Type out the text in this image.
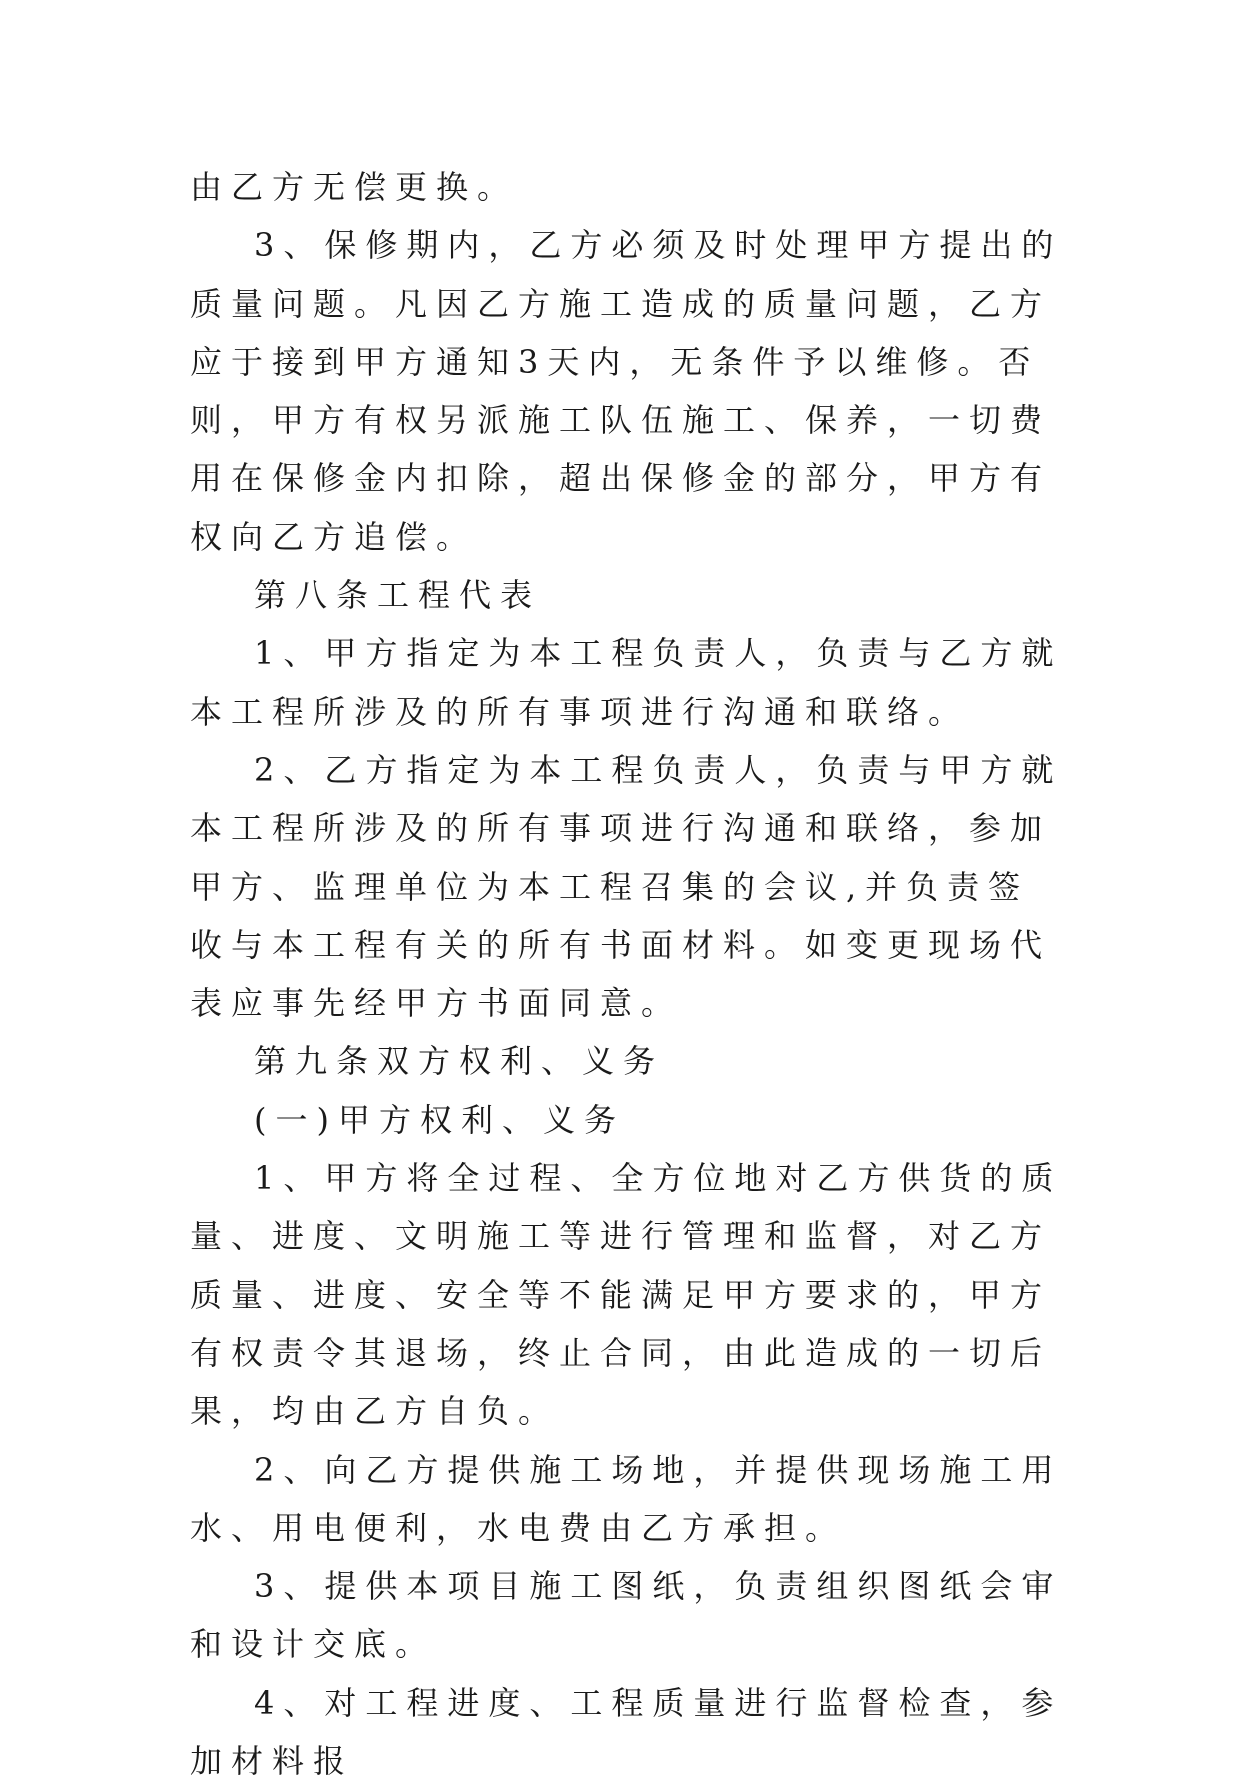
由乙方无偿更换。

3、保修期内，乙方必须及时处理甲方提出的质量问题。凡因乙方施工造成的质量问题，乙方应于接到甲方通知3天内，无条件予以维修。否则，甲方有权另派施工队伍施工、保养，一切费用在保修金内扣除，超出保修金的部分，甲方有权向乙方追偿。

第八条工程代表

1、甲方指定为本工程负责人，负责与乙方就本工程所涉及的所有事项进行沟通和联络。

2、乙方指定为本工程负责人，负责与甲方就本工程所涉及的所有事项进行沟通和联络，参加甲方、监理单位为本工程召集的会议,并负责签收与本工程有关的所有书面材料。如变更现场代表应事先经甲方书面同意。

第九条双方权利、义务

(一)甲方权利、义务

1、甲方将全过程、全方位地对乙方供货的质量、进度、文明施工等进行管理和监督，对乙方质量、进度、安全等不能满足甲方要求的，甲方有权责令其退场，终止合同，由此造成的一切后果，均由乙方自负。

2、向乙方提供施工场地，并提供现场施工用水、用电便利，水电费由乙方承担。

3、提供本项目施工图纸，负责组织图纸会审和设计交底。

4、对工程进度、工程质量进行监督检查，参加材料报
